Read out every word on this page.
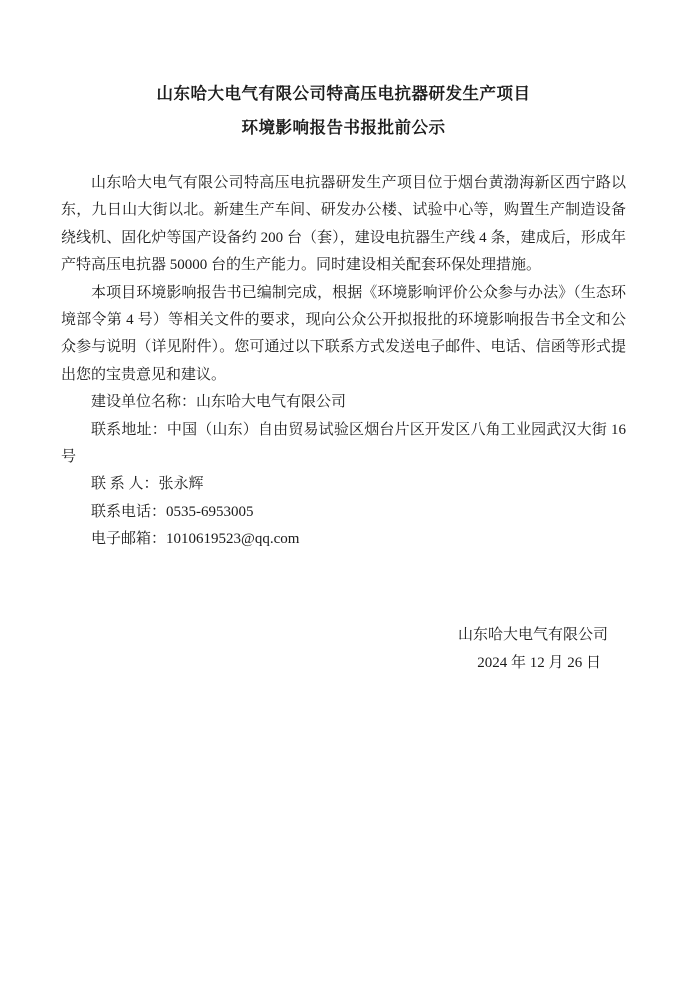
山东哈大电气有限公司特高压电抗器研发生产项目
环境影响报告书报批前公示

山东哈大电气有限公司特高压电抗器研发生产项目位于烟台黄渤海新区西宁路以东，九日山大街以北。新建生产车间、研发办公楼、试验中心等，购置生产制造设备绕线机、固化炉等国产设备约 200 台（套），建设电抗器生产线 4 条，建成后，形成年产特高压电抗器 50000 台的生产能力。同时建设相关配套环保处理措施。

本项目环境影响报告书已编制完成，根据《环境影响评价公众参与办法》（生态环境部令第 4 号）等相关文件的要求，现向公众公开拟报批的环境影响报告书全文和公众参与说明（详见附件）。您可通过以下联系方式发送电子邮件、电话、信函等形式提出您的宝贵意见和建议。

建设单位名称：山东哈大电气有限公司

联系地址：中国（山东）自由贸易试验区烟台片区开发区八角工业园武汉大街 16号

联 系 人：张永辉

联系电话：0535-6953005

电子邮箱：1010619523@qq.com

山东哈大电气有限公司
2024 年 12 月 26 日
